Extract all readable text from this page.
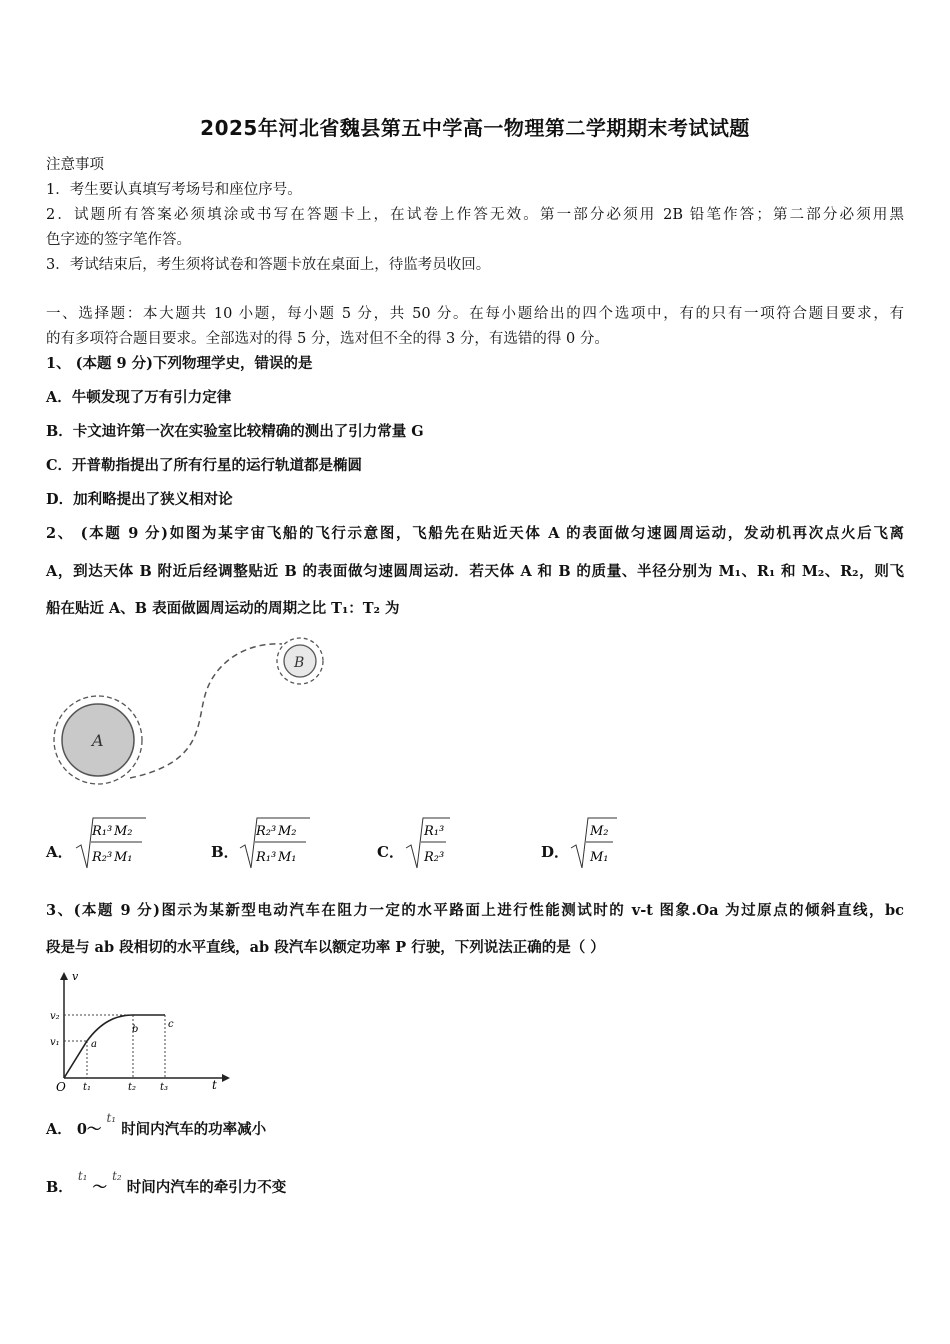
2025年河北省魏县第五中学高一物理第二学期期末考试试题
注意事项
1．考生要认真填写考场号和座位序号。
2．试题所有答案必须填涂或书写在答题卡上，在试卷上作答无效。第一部分必须用 2B 铅笔作答；第二部分必须用黑
色字迹的签字笔作答。
3．考试结束后，考生须将试卷和答题卡放在桌面上，待监考员收回。
一、选择题：本大题共 10 小题，每小题 5 分，共 50 分。在每小题给出的四个选项中，有的只有一项符合题目要求，有
的有多项符合题目要求。全部选对的得 5 分，选对但不全的得 3 分，有选错的得 0 分。
1、 (本题 9 分)下列物理学史，错误的是
A．牛顿发现了万有引力定律
B．卡文迪许第一次在实验室比较精确的测出了引力常量 G
C．开普勒指提出了所有行星的运行轨道都是椭圆
D．加利略提出了狭义相对论
2、 (本题 9 分)如图为某宇宙飞船的飞行示意图，飞船先在贴近天体 A 的表面做匀速圆周运动，发动机再次点火后飞离
A，到达天体 B 附近后经调整贴近 B 的表面做匀速圆周运动．若天体 A 和 B 的质量、半径分别为 M₁、R₁ 和 M₂、R₂，则飞
船在贴近 A、B 表面做圆周运动的周期之比 T₁：T₂ 为
A
B
A．
R₁³ M₂
R₂³ M₁	B．
R₂³ M₂
R₁³ M₁	C．
R₁³
R₂³	D．
M₂
M₁
3、(本题 9 分)图示为某新型电动汽车在阻力一定的水平路面上进行性能测试时的 v-t 图象.Oa 为过原点的倾斜直线，bc
段是与 ab 段相切的水平直线，ab 段汽车以额定功率 P 行驶，下列说法正确的是（ ）
v
t
O
v₂
v₁
t₁	t₂ t₃
a
b	c
A． 0～ $^{t_1}$ 时间内汽车的功率减小
B． $^{t_1}$ ～ $^{t_2}$ 时间内汽车的牵引力不变
